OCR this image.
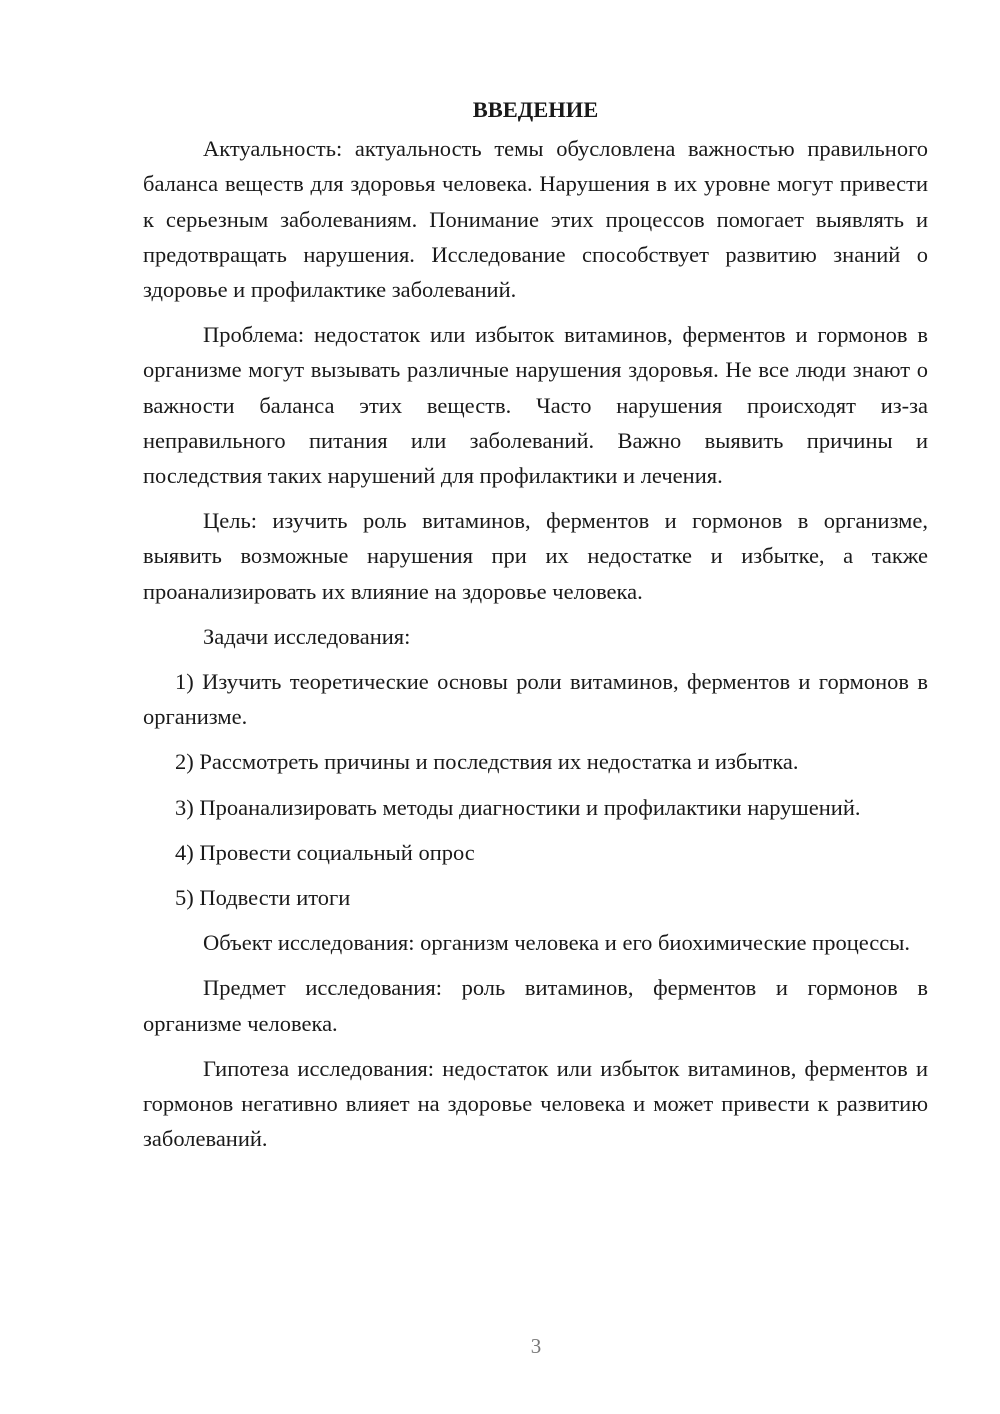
ВВЕДЕНИЕ

Актуальность: актуальность темы обусловлена важностью правильного баланса веществ для здоровья человека. Нарушения в их уровне могут привести к серьезным заболеваниям. Понимание этих процессов помогает выявлять и предотвращать нарушения. Исследование способствует развитию знаний о здоровье и профилактике заболеваний.

Проблема: недостаток или избыток витаминов, ферментов и гормонов в организме могут вызывать различные нарушения здоровья. Не все люди знают о важности баланса этих веществ. Часто нарушения происходят из-за неправильного питания или заболеваний. Важно выявить причины и последствия таких нарушений для профилактики и лечения.

Цель: изучить роль витаминов, ферментов и гормонов в организме, выявить возможные нарушения при их недостатке и избытке, а также проанализировать их влияние на здоровье человека.

Задачи исследования:

1) Изучить теоретические основы роли витаминов, ферментов и гормонов в организме.

2) Рассмотреть причины и последствия их недостатка и избытка.

3) Проанализировать методы диагностики и профилактики нарушений.

4) Провести социальный опрос

5) Подвести итоги

Объект исследования: организм человека и его биохимические процессы.

Предмет исследования: роль витаминов, ферментов и гормонов в организме человека.

Гипотеза исследования: недостаток или избыток витаминов, ферментов и гормонов негативно влияет на здоровье человека и может привести к развитию заболеваний.

3
